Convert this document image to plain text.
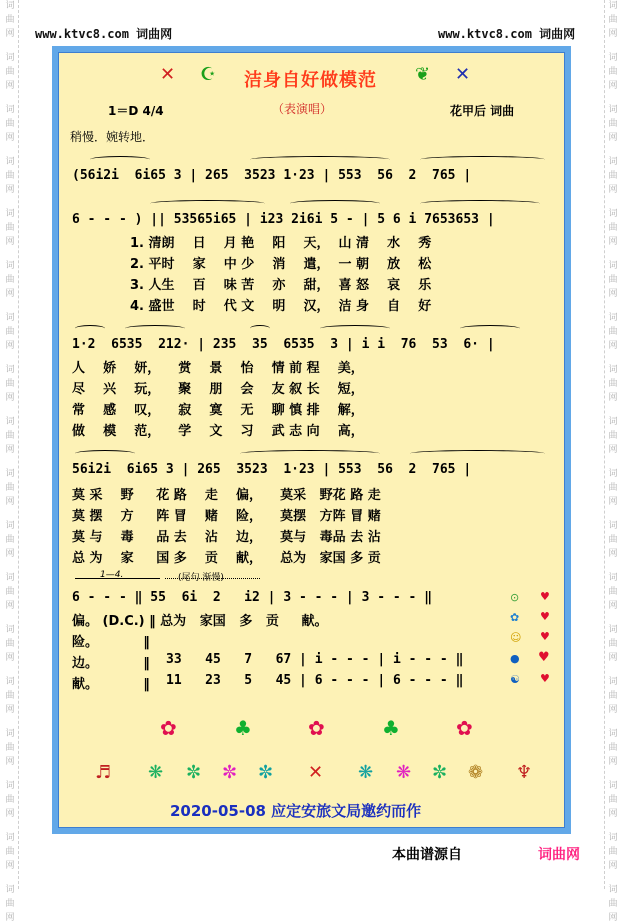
词
曲
网
词
曲
网
词
曲
网
词
曲
网
词
曲
网
词
曲
网
词
曲
网
词
曲
网
词
曲
网
词
曲
网
词
曲
网
词
曲
网
词
曲
网
词
曲
网
词
曲
网
词
曲
网
词
曲
网
词
曲
网
词
曲
网
词
曲
网
词
曲
网
词
曲
网
词
曲
网
词
曲
网
词
曲
网
词
曲
网
词
曲
网
词
曲
网
词
曲
网
词
曲
网
词
曲
网
词
曲
网
词
曲
网
词
曲
网
词
曲
网
词
曲
网
www.ktvc8.com 词曲网	www.ktvc8.com 词曲网
✕ ☪ 洁身自好做模范 ❦ ✕
1＝D 4/4	（表演唱）	花甲后 词曲
稍慢．婉转地．
(56i2i  6i65 3 | 265  3523 1·23 | 553  56  2  765 |
6 - - - ) || 53565i65 | i23 2i6i 5 - | 5 6 i 7653653 |
1. 清朗    日    月 艳    阳    天，  山 清    水    秀
2. 平时    家    中 少    消    遣，  一 朝    放    松
3. 人生    百    味 苦    亦    甜，  喜 怒    哀    乐
4. 盛世    时    代 文    明    汉，  洁 身    自    好
1·2  6535  212· | 235  35  6535  3 | i i  76  53  6· |
人    娇    妍，    赏    景    怡    情 前 程    美，
尽    兴    玩，    聚    朋    会    友 叙 长    短，
常    感    叹，    寂    寞    无    聊 慎 排    解，
做    模    范，    学    文    习    武 志 向    高，
56i2i  6i65 3 | 265  3523  1·23 | 553  56  2  765 |
莫 采    野     花 路    走    偏，    莫采   野花 路 走
莫 摆    方     阵 冒    赌    险，    莫摆   方阵 冒 赌
莫 与    毒     品 去    沾    边，    莫与   毒品 去 沾
总 为    家     国 多    贡    献，    总为   家国 多 贡
1—4.	(尾句 渐慢)
6 - - - ‖ 55  6i  2   i2 | 3 - - - | 3 - - - ‖
偏。 (D.C.) ‖ 总为   家国   多   贡     献。
险。          ‖
边。          ‖ 33   45   7   67 | i - - - | i - - - ‖
献。          ‖ 11   23   5   45 | 6 - - - | 6 - - - ‖
⊙ ♥
✿ ♥
☺ ♥
● ♥
☯ ♥
✿	♣	✿	♣	✿
♬ ❋ ✼ ✼ ✼ ✕ ❋ ❋ ✼ ❁ ♆
2020-05-08 应定安旅文局邀约而作
本曲谱源自	词曲网
